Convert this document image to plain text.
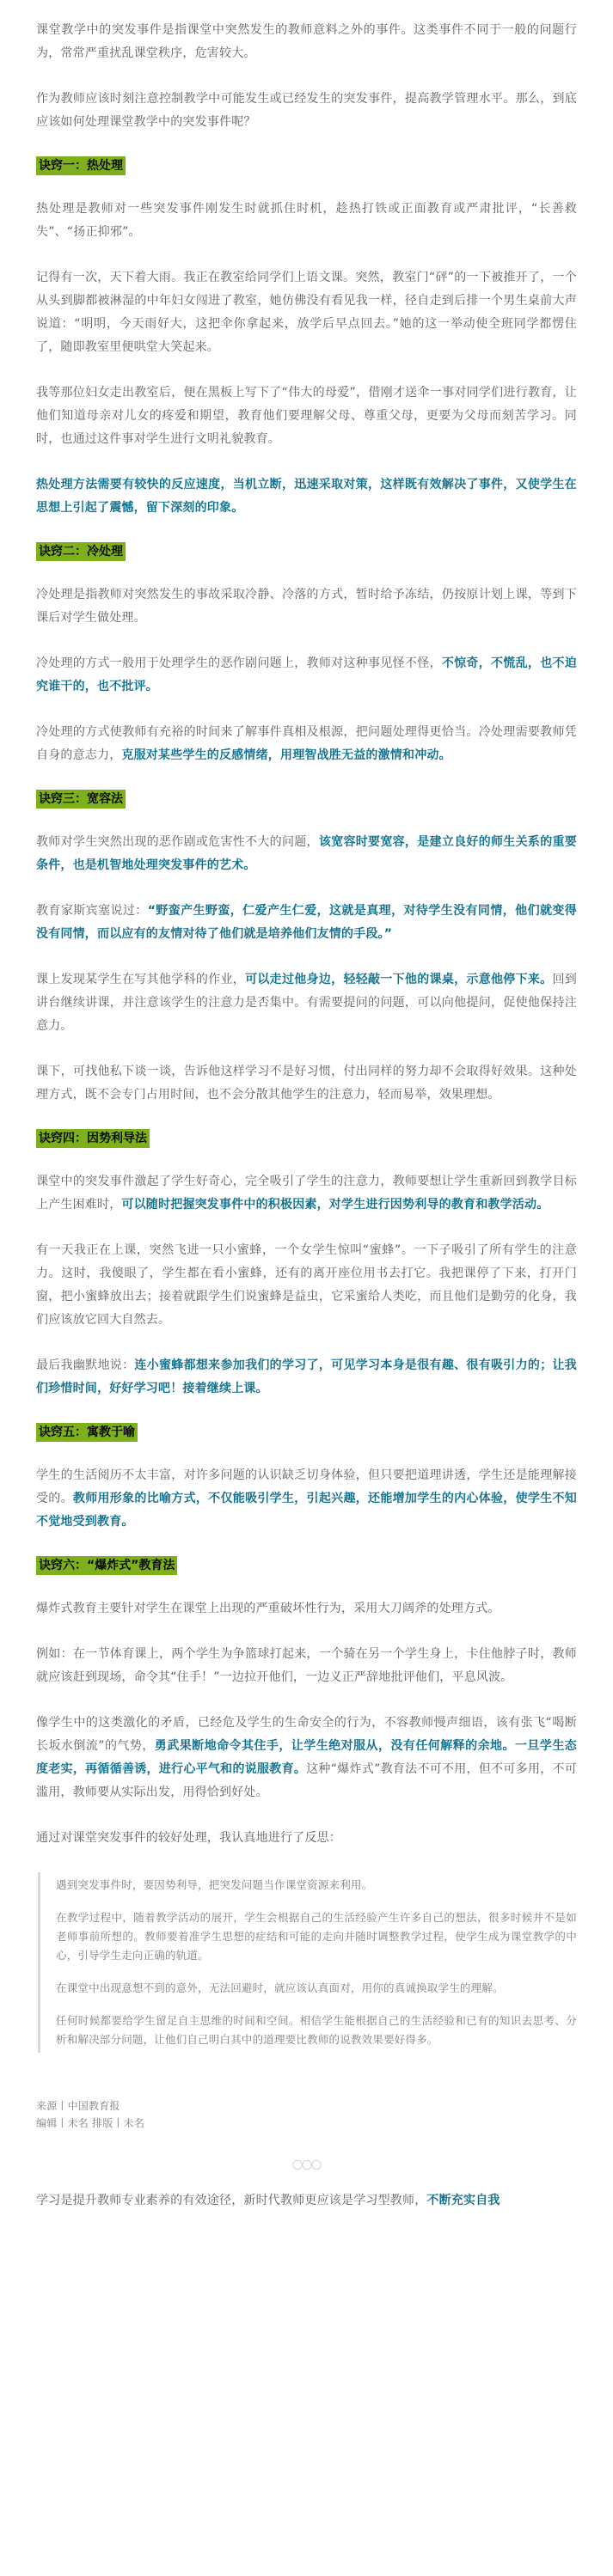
课堂教学中的突发事件是指课堂中突然发生的教师意料之外的事件。这类事件不同于一般的问题行为，常常严重扰乱课堂秩序，危害较大。

作为教师应该时刻注意控制教学中可能发生或已经发生的突发事件，提高教学管理水平。那么，到底应该如何处理课堂教学中的突发事件呢？

诀窍一：热处理

热处理是教师对一些突发事件刚发生时就抓住时机，趁热打铁或正面教育或严肃批评，“长善救失”、“扬正抑邪”。

记得有一次，天下着大雨。我正在教室给同学们上语文课。突然，教室门“砰”的一下被推开了，一个从头到脚都被淋湿的中年妇女闯进了教室，她仿佛没有看见我一样，径自走到后排一个男生桌前大声说道：“明明，今天雨好大，这把伞你拿起来，放学后早点回去。”她的这一举动使全班同学都愣住了，随即教室里便哄堂大笑起来。

我等那位妇女走出教室后，便在黑板上写下了“伟大的母爱”，借刚才送伞一事对同学们进行教育，让他们知道母亲对儿女的疼爱和期望，教育他们要理解父母、尊重父母，更要为父母而刻苦学习。同时，也通过这件事对学生进行文明礼貌教育。

热处理方法需要有较快的反应速度，当机立断，迅速采取对策，这样既有效解决了事件，又使学生在思想上引起了震憾，留下深刻的印象。

诀窍二：冷处理

冷处理是指教师对突然发生的事故采取冷静、冷落的方式，暂时给予冻结，仍按原计划上课，等到下课后对学生做处理。

冷处理的方式一般用于处理学生的恶作剧问题上，教师对这种事见怪不怪，不惊奇，不慌乱，也不迫究谁干的，也不批评。

冷处理的方式使教师有充裕的时间来了解事件真相及根源，把问题处理得更恰当。冷处理需要教师凭自身的意志力，克服对某些学生的反感情绪，用理智战胜无益的激情和冲动。

诀窍三：宽容法

教师对学生突然出现的恶作剧或危害性不大的问题，该宽容时要宽容，是建立良好的师生关系的重要条件，也是机智地处理突发事件的艺术。

教育家斯宾塞说过：“野蛮产生野蛮，仁爱产生仁爱，这就是真理，对待学生没有同情，他们就变得没有同情，而以应有的友情对待了他们就是培养他们友情的手段。”

课上发现某学生在写其他学科的作业，可以走过他身边，轻轻敲一下他的课桌，示意他停下来。回到讲台继续讲课，并注意该学生的注意力是否集中。有需要提问的问题，可以向他提问，促使他保持注意力。

课下，可找他私下谈一谈，告诉他这样学习不是好习惯，付出同样的努力却不会取得好效果。这种处理方式，既不会专门占用时间，也不会分散其他学生的注意力，轻而易举，效果理想。

诀窍四：因势利导法

课堂中的突发事件激起了学生好奇心，完全吸引了学生的注意力，教师要想让学生重新回到教学目标上产生困难时，可以随时把握突发事件中的积极因素，对学生进行因势利导的教育和教学活动。

有一天我正在上课，突然飞进一只小蜜蜂，一个女学生惊叫“蜜蜂”。一下子吸引了所有学生的注意力。这时，我傻眼了，学生都在看小蜜蜂，还有的离开座位用书去打它。我把课停了下来，打开门窗，把小蜜蜂放出去；接着就跟学生们说蜜蜂是益虫，它采蜜给人类吃，而且他们是勤劳的化身，我们应该放它回大自然去。

最后我幽默地说：连小蜜蜂都想来参加我们的学习了，可见学习本身是很有趣、很有吸引力的；让我们珍惜时间，好好学习吧！接着继续上课。

诀窍五：寓教于喻

学生的生活阅历不太丰富，对许多问题的认识缺乏切身体验，但只要把道理讲透，学生还是能理解接受的。教师用形象的比喻方式，不仅能吸引学生，引起兴趣，还能增加学生的内心体验，使学生不知不觉地受到教育。

诀窍六：“爆炸式”教育法

爆炸式教育主要针对学生在课堂上出现的严重破坏性行为，采用大刀阔斧的处理方式。

例如：在一节体育课上，两个学生为争篮球打起来，一个骑在另一个学生身上，卡住他脖子时，教师就应该赶到现场，命令其“住手！”一边拉开他们，一边义正严辞地批评他们，平息风波。

像学生中的这类激化的矛盾，已经危及学生的生命安全的行为，不容教师慢声细语，该有张飞“喝断长坂水倒流”的气势，勇武果断地命令其住手，让学生绝对服从，没有任何解释的余地。一旦学生态度老实，再循循善诱，进行心平气和的说服教育。这种“爆炸式”教育法不可不用，但不可多用，不可滥用，教师要从实际出发，用得恰到好处。

通过对课堂突发事件的较好处理，我认真地进行了反思：

遇到突发事件时，要因势利导，把突发问题当作课堂资源来利用。

在教学过程中，随着教学活动的展开，学生会根据自己的生活经验产生许多自己的想法，很多时候并不是如老师事前所想的。教师要着准学生思想的症结和可能的走向并随时调整教学过程，使学生成为课堂教学的中心，引导学生走向正确的轨道。

在课堂中出现意想不到的意外，无法回避时，就应该认真面对，用你的真诚换取学生的理解。

任何时候都要给学生留足自主思维的时间和空间。相信学生能根据自己的生活经验和已有的知识去思考、分析和解决部分问题，让他们自己明白其中的道理要比教师的说教效果要好得多。

来源丨中国教育报

编辑丨未名 排版丨未名

〇〇〇

学习是提升教师专业素养的有效途径，新时代教师更应该是学习型教师，不断充实自我
